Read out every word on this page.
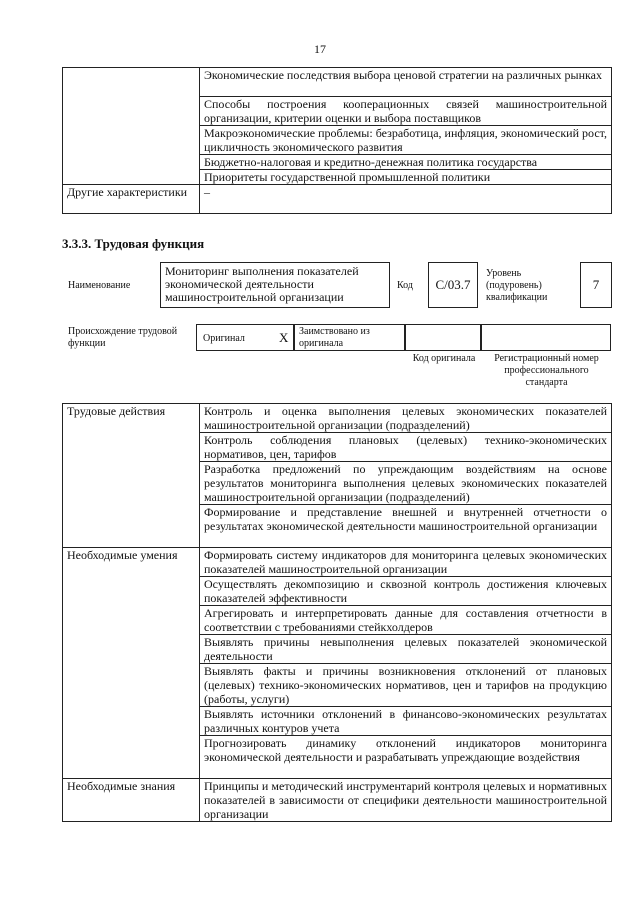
17
	Экономические последствия выбора ценовой стратегии на различных рынках
	Способы построения кооперационных связей машиностроительной организации, критерии оценки и выбора поставщиков
	Макроэкономические проблемы: безработица, инфляция, экономический рост, цикличность экономического развития
	Бюджетно-налоговая и кредитно-денежная политика государства
	Приоритеты государственной промышленной политики
Другие характеристики	–
3.3.3. Трудовая функция
Наименование
Мониторинг выполнения показателей экономической деятельности машиностроительной организации
Код C/03.7
Уровень (подуровень) квалификации
7
Происхождение трудовой функции	Оригинал	X	Заимствовано из оригинала
Код оригинала	Регистрационный номер профессионального стандарта
Трудовые действия	Контроль и оценка выполнения целевых экономических показателей машиностроительной организации (подразделений)
	Контроль соблюдения плановых (целевых) технико-экономических нормативов, цен, тарифов
	Разработка предложений по упреждающим воздействиям на основе результатов мониторинга выполнения целевых экономических показателей машиностроительной организации (подразделений)
	Формирование и представление внешней и внутренней отчетности о результатах экономической деятельности машиностроительной организации
Необходимые умения	Формировать систему индикаторов для мониторинга целевых экономических показателей машиностроительной организации
	Осуществлять декомпозицию и сквозной контроль достижения ключевых показателей эффективности
	Агрегировать и интерпретировать данные для составления отчетности в соответствии с требованиями стейкхолдеров
	Выявлять причины невыполнения целевых показателей экономической деятельности
	Выявлять факты и причины возникновения отклонений от плановых (целевых) технико-экономических нормативов, цен и тарифов на продукцию (работы, услуги)
	Выявлять источники отклонений в финансово-экономических результатах различных контуров учета
	Прогнозировать динамику отклонений индикаторов мониторинга экономической деятельности и разрабатывать упреждающие воздействия
Необходимые знания	Принципы и методический инструментарий контроля целевых и нормативных показателей в зависимости от специфики деятельности машиностроительной организации
